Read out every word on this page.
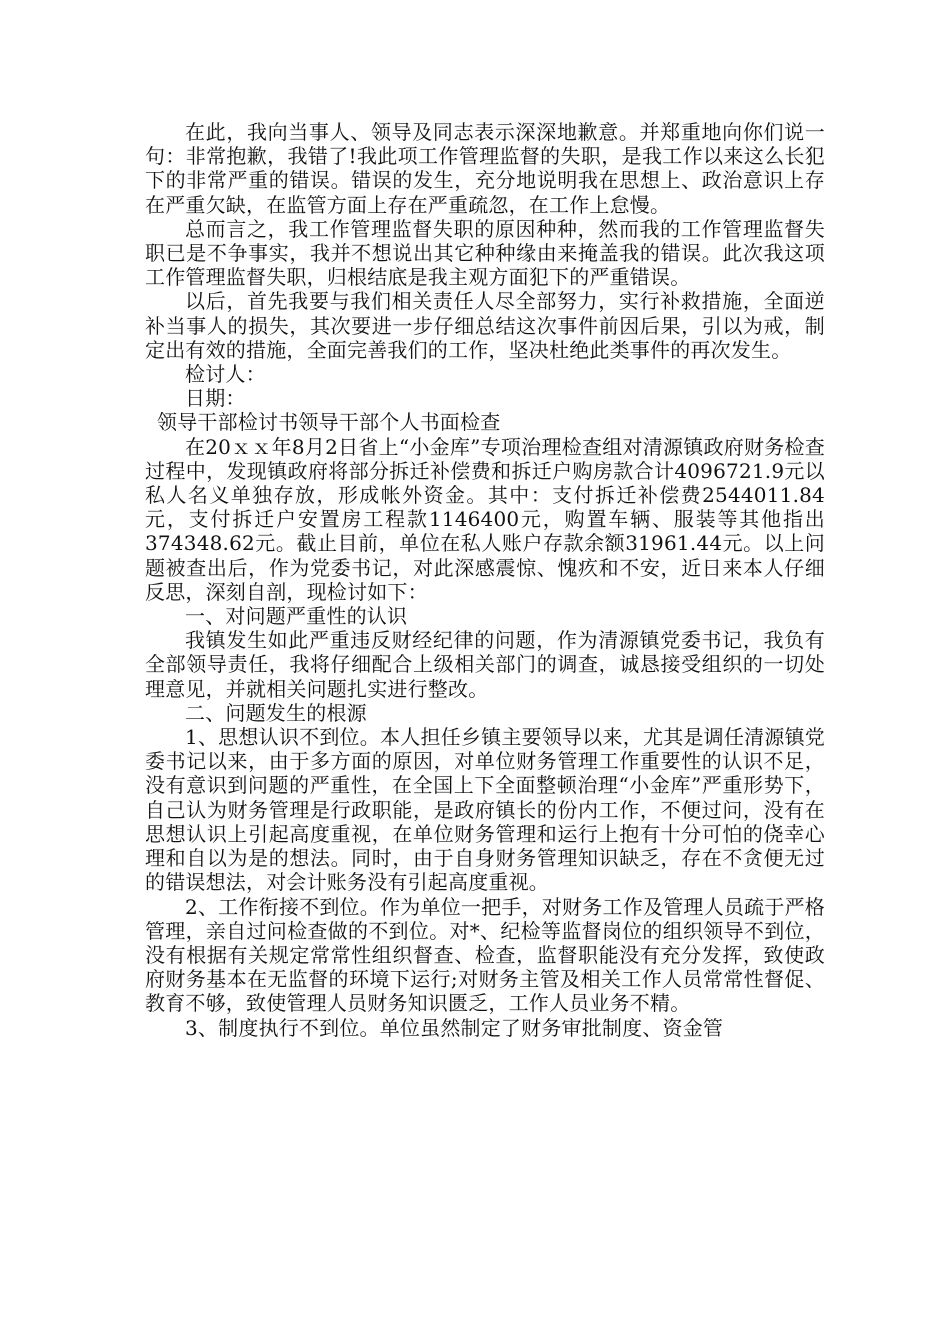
在此，我向当事人、领导及同志表示深深地歉意。并郑重地向你们说一句：非常抱歉，我错了!我此项工作管理监督的失职，是我工作以来这么长犯下的非常严重的错误。错误的发生，充分地说明我在思想上、政治意识上存在严重欠缺，在监管方面上存在严重疏忽，在工作上怠慢。

总而言之，我工作管理监督失职的原因种种，然而我的工作管理监督失职已是不争事实，我并不想说出其它种种缘由来掩盖我的错误。此次我这项工作管理监督失职，归根结底是我主观方面犯下的严重错误。

以后，首先我要与我们相关责任人尽全部努力，实行补救措施，全面逆补当事人的损失，其次要进一步仔细总结这次事件前因后果，引以为戒，制定出有效的措施，全面完善我们的工作，坚决杜绝此类事件的再次发生。

检讨人：

日期：

领导干部检讨书领导干部个人书面检查

在20ｘｘ年8月2日省上“小金库”专项治理检查组对清源镇政府财务检查过程中，发现镇政府将部分拆迁补偿费和拆迁户购房款合计4096721.9元以私人名义单独存放，形成帐外资金。其中：支付拆迁补偿费2544011.84元，支付拆迁户安置房工程款1146400元，购置车辆、服装等其他指出374348.62元。截止目前，单位在私人账户存款余额31961.44元。以上问题被查出后，作为党委书记，对此深感震惊、愧疚和不安，近日来本人仔细反思，深刻自剖，现检讨如下：

一、对问题严重性的认识

我镇发生如此严重违反财经纪律的问题，作为清源镇党委书记，我负有全部领导责任，我将仔细配合上级相关部门的调查，诚恳接受组织的一切处理意见，并就相关问题扎实进行整改。

二、问题发生的根源

1、思想认识不到位。本人担任乡镇主要领导以来，尤其是调任清源镇党委书记以来，由于多方面的原因，对单位财务管理工作重要性的认识不足，没有意识到问题的严重性，在全国上下全面整顿治理“小金库”严重形势下，自己认为财务管理是行政职能，是政府镇长的份内工作，不便过问，没有在思想认识上引起高度重视，在单位财务管理和运行上抱有十分可怕的侥幸心理和自以为是的想法。同时，由于自身财务管理知识缺乏，存在不贪便无过的错误想法，对会计账务没有引起高度重视。

2、工作衔接不到位。作为单位一把手，对财务工作及管理人员疏于严格管理，亲自过问检查做的不到位。对*、纪检等监督岗位的组织领导不到位，没有根据有关规定常常性组织督查、检查，监督职能没有充分发挥，致使政府财务基本在无监督的环境下运行;对财务主管及相关工作人员常常性督促、教育不够，致使管理人员财务知识匮乏，工作人员业务不精。

3、制度执行不到位。单位虽然制定了财务审批制度、资金管
